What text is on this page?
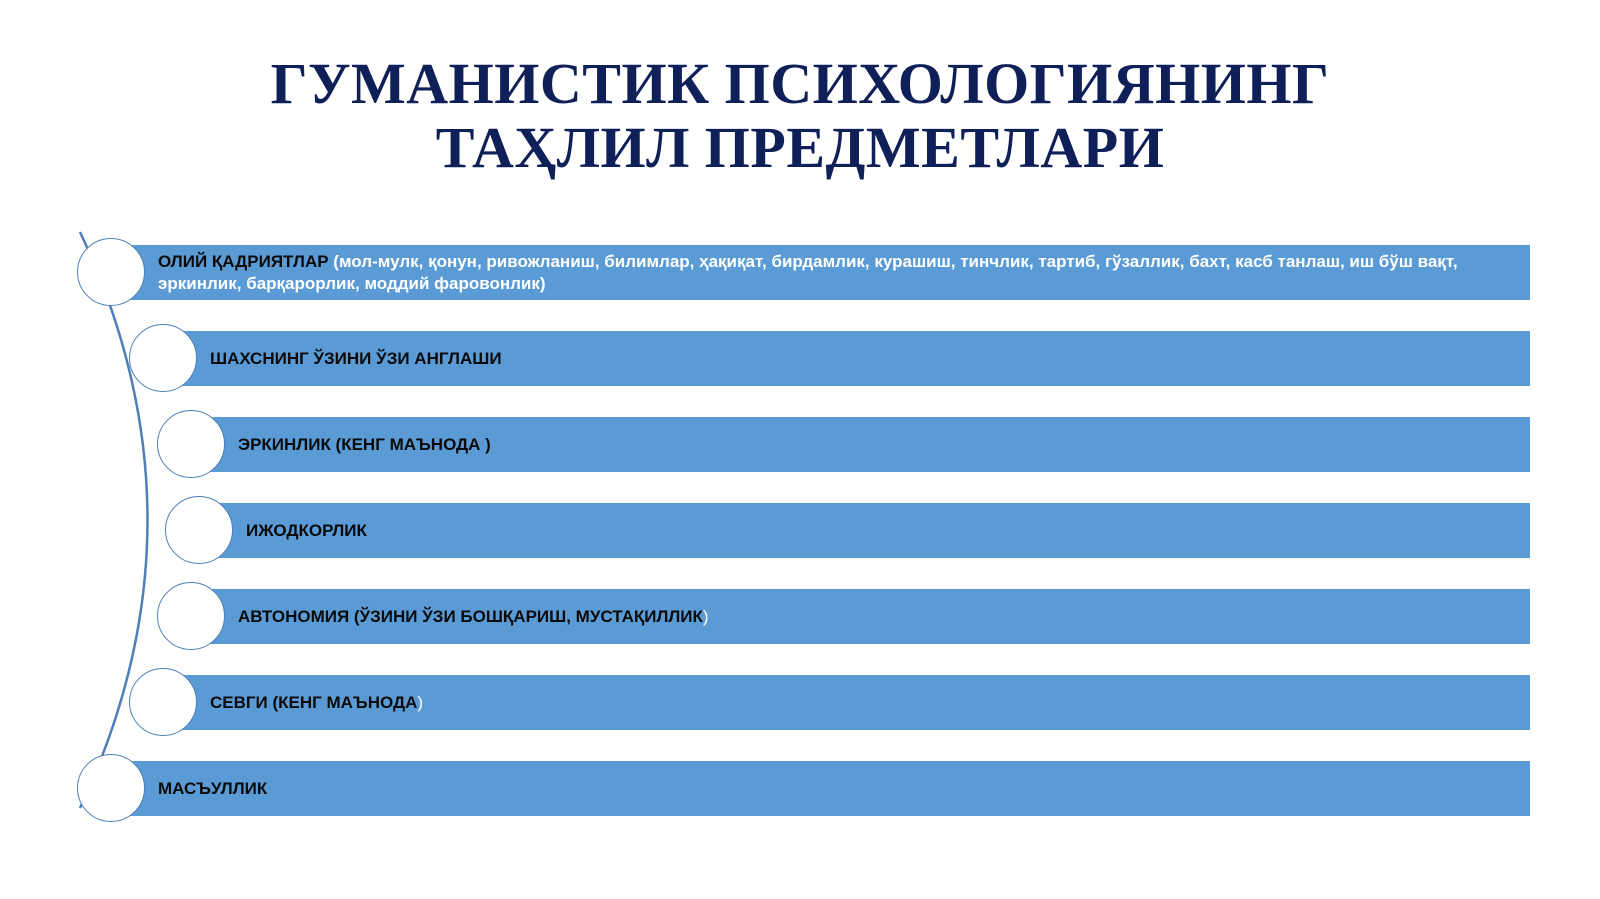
ГУМАНИСТИК ПСИХОЛОГИЯНИНГ
ТАҲЛИЛ ПРЕДМЕТЛАРИ
ОЛИЙ ҚАДРИЯТЛАР (мол-мулк, қонун, ривожланиш, билимлар, ҳақиқат, бирдамлик, курашиш, тинчлик, тартиб, гўзаллик, бахт, касб танлаш, иш бўш вақт, эркинлик, барқарорлик, моддий фаровонлик)
ШАХСНИНГ ЎЗИНИ ЎЗИ АНГЛАШИ
ЭРКИНЛИК (КЕНГ МАЪНОДА )
ИЖОДКОРЛИК
АВТОНОМИЯ (ЎЗИНИ ЎЗИ БОШҚАРИШ, МУСТАҚИЛЛИК)
СЕВГИ (КЕНГ МАЪНОДА)
МАСЪУЛЛИК
